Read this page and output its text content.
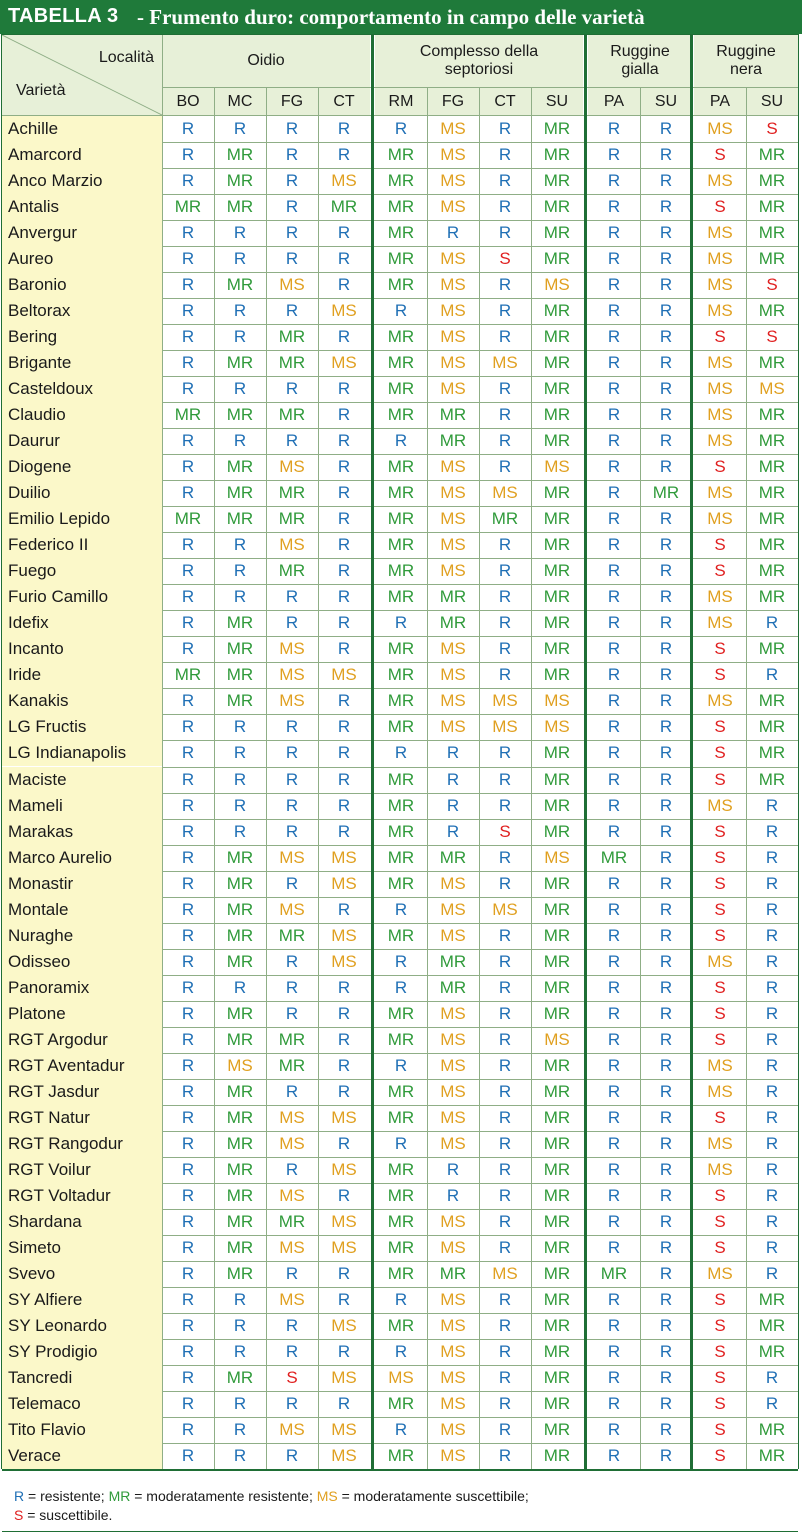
TABELLA 3 - Frumento duro: comportamento in campo delle varietà
Località
Varietà
Oidio
BO	MC	FG	CT
Complesso della septoriosi
RM	FG	CT	SU
Ruggine gialla
PA	SU
Ruggine nera
PA	SU
Achille	R	R	R	R	R	MS	R	MR	R	R	MS	S
Amarcord	R	MR	R	R	MR	MS	R	MR	R	R	S	MR
Anco Marzio	R	MR	R	MS	MR	MS	R	MR	R	R	MS	MR
Antalis	MR	MR	R	MR	MR	MS	R	MR	R	R	S	MR
Anvergur	R	R	R	R	MR	R	R	MR	R	R	MS	MR
Aureo	R	R	R	R	MR	MS	S	MR	R	R	MS	MR
Baronio	R	MR	MS	R	MR	MS	R	MS	R	R	MS	S
Beltorax	R	R	R	MS	R	MS	R	MR	R	R	MS	MR
Bering	R	R	MR	R	MR	MS	R	MR	R	R	S	S
Brigante	R	MR	MR	MS	MR	MS	MS	MR	R	R	MS	MR
Casteldoux	R	R	R	R	MR	MS	R	MR	R	R	MS	MS
Claudio	MR	MR	MR	R	MR	MR	R	MR	R	R	MS	MR
Daurur	R	R	R	R	R	MR	R	MR	R	R	MS	MR
Diogene	R	MR	MS	R	MR	MS	R	MS	R	R	S	MR
Duilio	R	MR	MR	R	MR	MS	MS	MR	R	MR	MS	MR
Emilio Lepido	MR	MR	MR	R	MR	MS	MR	MR	R	R	MS	MR
Federico II	R	R	MS	R	MR	MS	R	MR	R	R	S	MR
Fuego	R	R	MR	R	MR	MS	R	MR	R	R	S	MR
Furio Camillo	R	R	R	R	MR	MR	R	MR	R	R	MS	MR
Idefix	R	MR	R	R	R	MR	R	MR	R	R	MS	R
Incanto	R	MR	MS	R	MR	MS	R	MR	R	R	S	MR
Iride	MR	MR	MS	MS	MR	MS	R	MR	R	R	S	R
Kanakis	R	MR	MS	R	MR	MS	MS	MS	R	R	MS	MR
LG Fructis	R	R	R	R	MR	MS	MS	MS	R	R	S	MR
LG Indianapolis	R	R	R	R	R	R	R	MR	R	R	S	MR
Maciste	R	R	R	R	MR	R	R	MR	R	R	S	MR
Mameli	R	R	R	R	MR	R	R	MR	R	R	MS	R
Marakas	R	R	R	R	MR	R	S	MR	R	R	S	R
Marco Aurelio	R	MR	MS	MS	MR	MR	R	MS	MR	R	S	R
Monastir	R	MR	R	MS	MR	MS	R	MR	R	R	S	R
Montale	R	MR	MS	R	R	MS	MS	MR	R	R	S	R
Nuraghe	R	MR	MR	MS	MR	MS	R	MR	R	R	S	R
Odisseo	R	MR	R	MS	R	MR	R	MR	R	R	MS	R
Panoramix	R	R	R	R	R	MR	R	MR	R	R	S	R
Platone	R	MR	R	R	MR	MS	R	MR	R	R	S	R
RGT Argodur	R	MR	MR	R	MR	MS	R	MS	R	R	S	R
RGT Aventadur	R	MS	MR	R	R	MS	R	MR	R	R	MS	R
RGT Jasdur	R	MR	R	R	MR	MS	R	MR	R	R	MS	R
RGT Natur	R	MR	MS	MS	MR	MS	R	MR	R	R	S	R
RGT Rangodur	R	MR	MS	R	R	MS	R	MR	R	R	MS	R
RGT Voilur	R	MR	R	MS	MR	R	R	MR	R	R	MS	R
RGT Voltadur	R	MR	MS	R	MR	R	R	MR	R	R	S	R
Shardana	R	MR	MR	MS	MR	MS	R	MR	R	R	S	R
Simeto	R	MR	MS	MS	MR	MS	R	MR	R	R	S	R
Svevo	R	MR	R	R	MR	MR	MS	MR	MR	R	MS	R
SY Alfiere	R	R	MS	R	R	MS	R	MR	R	R	S	MR
SY Leonardo	R	R	R	MS	MR	MS	R	MR	R	R	S	MR
SY Prodigio	R	R	R	R	R	MS	R	MR	R	R	S	MR
Tancredi	R	MR	S	MS	MS	MS	R	MR	R	R	S	R
Telemaco	R	R	R	R	MR	MS	R	MR	R	R	S	R
Tito Flavio	R	R	MS	MS	R	MS	R	MR	R	R	S	MR
Verace	R	R	R	MS	MR	MS	R	MR	R	R	S	MR
R = resistente; MR = moderatamente resistente; MS = moderatamente suscettibile;
S = suscettibile.
